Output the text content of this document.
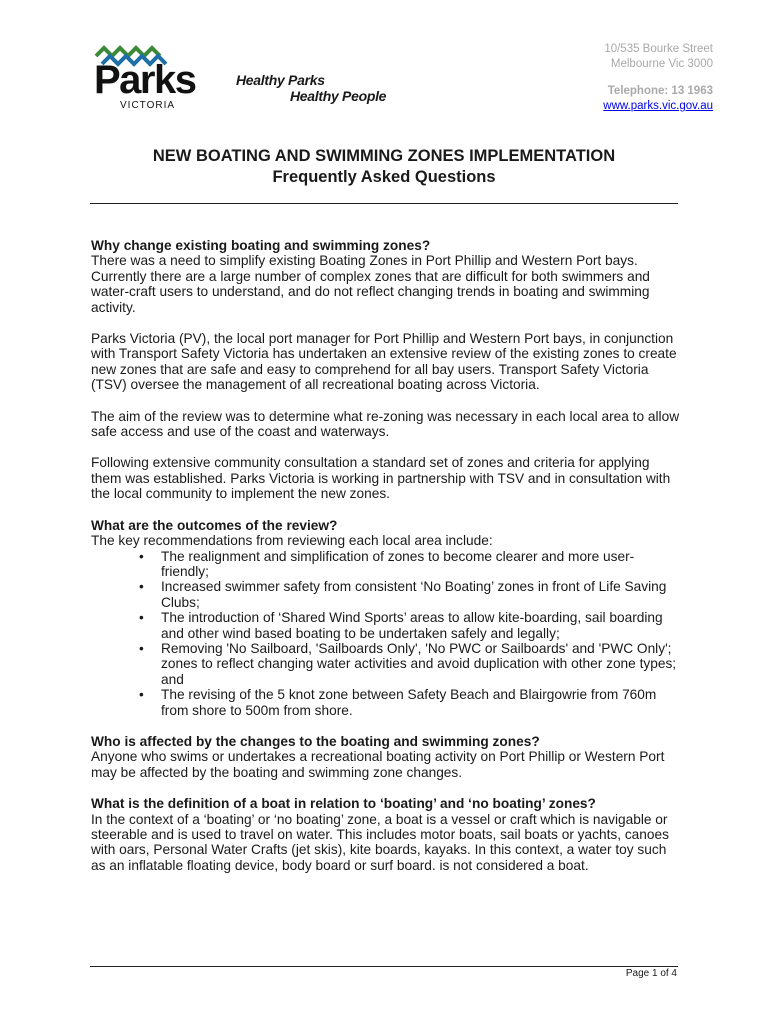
Parks
VICTORIA
Healthy Parks
Healthy People
10/535 Bourke Street
Melbourne Vic 3000
Telephone: 13 1963
www.parks.vic.gov.au
NEW BOATING AND SWIMMING ZONES IMPLEMENTATION
Frequently Asked Questions
Why change existing boating and swimming zones?

There was a need to simplify existing Boating Zones in Port Phillip and Western Port bays. Currently there are a large number of complex zones that are difficult for both swimmers and water-craft users to understand, and do not reflect changing trends in boating and swimming activity.

Parks Victoria (PV), the local port manager for Port Phillip and Western Port bays, in conjunction with Transport Safety Victoria has undertaken an extensive review of the existing zones to create new zones that are safe and easy to comprehend for all bay users. Transport Safety Victoria (TSV) oversee the management of all recreational boating across Victoria.

The aim of the review was to determine what re-zoning was necessary in each local area to allow safe access and use of the coast and waterways.

Following extensive community consultation a standard set of zones and criteria for applying them was established. Parks Victoria is working in partnership with TSV and in consultation with the local community to implement the new zones.

What are the outcomes of the review?
The key recommendations from reviewing each local area include:
• The realignment and simplification of zones to become clearer and more user-friendly;
• Increased swimmer safety from consistent ‘No Boating’ zones in front of Life Saving Clubs;
• The introduction of ‘Shared Wind Sports’ areas to allow kite-boarding, sail boarding and other wind based boating to be undertaken safely and legally;
• Removing 'No Sailboard, 'Sailboards Only', 'No PWC or Sailboards' and 'PWC Only'; zones to reflect changing water activities and avoid duplication with other zone types; and
• The revising of the 5 knot zone between Safety Beach and Blairgowrie from 760m from shore to 500m from shore.
Who is affected by the changes to the boating and swimming zones?

Anyone who swims or undertakes a recreational boating activity on Port Phillip or Western Port may be affected by the boating and swimming zone changes.

What is the definition of a boat in relation to ‘boating’ and ‘no boating’ zones?

In the context of a ‘boating’ or ‘no boating’ zone, a boat is a vessel or craft which is navigable or steerable and is used to travel on water. This includes motor boats, sail boats or yachts, canoes with oars, Personal Water Crafts (jet skis), kite boards, kayaks. In this context, a water toy such as an inflatable floating device, body board or surf board. is not considered a boat.

Page 1 of 4
